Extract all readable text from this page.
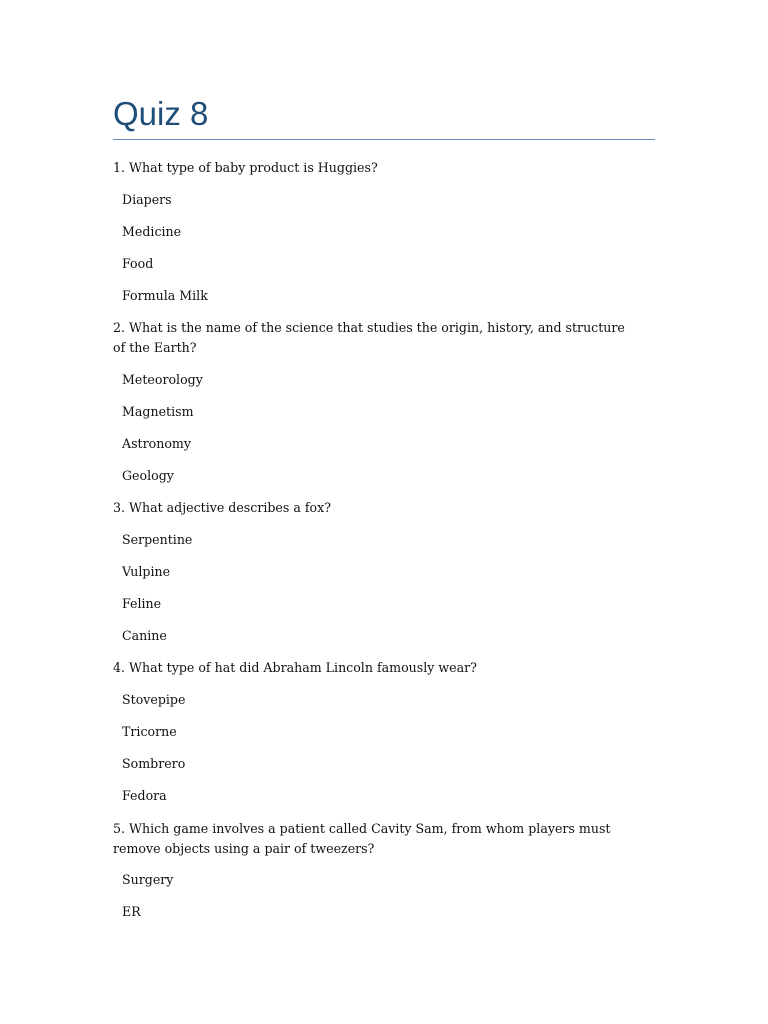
Quiz 8

1. What type of baby product is Huggies?

Diapers

Medicine

Food

Formula Milk

2. What is the name of the science that studies the origin, history, and structure of the Earth?

Meteorology

Magnetism

Astronomy

Geology

3. What adjective describes a fox?

Serpentine

Vulpine

Feline

Canine

4. What type of hat did Abraham Lincoln famously wear?

Stovepipe

Tricorne

Sombrero

Fedora

5. Which game involves a patient called Cavity Sam, from whom players must remove objects using a pair of tweezers?

Surgery

ER
